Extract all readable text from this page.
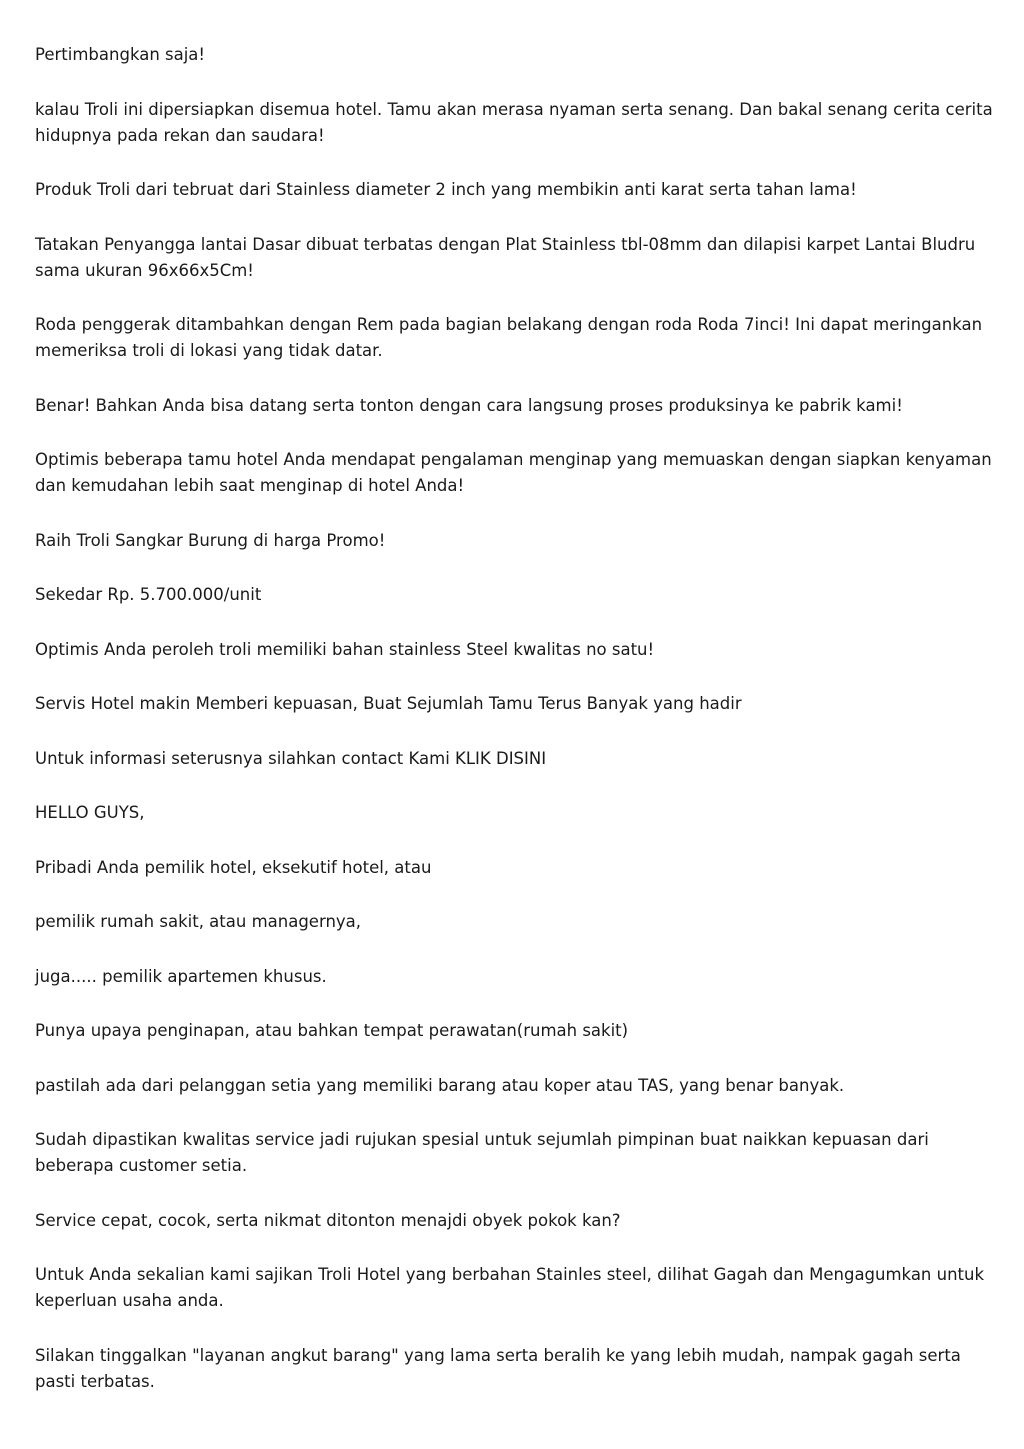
Pertimbangkan saja!

kalau Troli ini dipersiapkan disemua hotel. Tamu akan merasa nyaman serta senang. Dan bakal senang cerita cerita hidupnya pada rekan dan saudara!

Produk Troli dari tebruat dari Stainless diameter 2 inch yang membikin anti karat serta tahan lama!

Tatakan Penyangga lantai Dasar dibuat terbatas dengan Plat Stainless tbl-08mm dan dilapisi karpet Lantai Bludru sama ukuran 96x66x5Cm!

Roda penggerak ditambahkan dengan Rem pada bagian belakang dengan roda Roda 7inci! Ini dapat meringankan memeriksa troli di lokasi yang tidak datar.

Benar! Bahkan Anda bisa datang serta tonton dengan cara langsung proses produksinya ke pabrik kami!

Optimis beberapa tamu hotel Anda mendapat pengalaman menginap yang memuaskan dengan siapkan kenyaman dan kemudahan lebih saat menginap di hotel Anda!

Raih Troli Sangkar Burung di harga Promo!

Sekedar Rp. 5.700.000/unit

Optimis Anda peroleh troli memiliki bahan stainless Steel kwalitas no satu!

Servis Hotel makin Memberi kepuasan, Buat Sejumlah Tamu Terus Banyak yang hadir

Untuk informasi seterusnya silahkan contact Kami KLIK DISINI

HELLO GUYS,

Pribadi Anda pemilik hotel, eksekutif hotel, atau

pemilik rumah sakit, atau managernya,

juga..... pemilik apartemen khusus.

Punya upaya penginapan, atau bahkan tempat perawatan(rumah sakit)

pastilah ada dari pelanggan setia yang memiliki barang atau koper atau TAS, yang benar banyak.

Sudah dipastikan kwalitas service jadi rujukan spesial untuk sejumlah pimpinan buat naikkan kepuasan dari beberapa customer setia.

Service cepat, cocok, serta nikmat ditonton menajdi obyek pokok kan?

Untuk Anda sekalian kami sajikan Troli Hotel yang berbahan Stainles steel, dilihat Gagah dan Mengagumkan untuk keperluan usaha anda.

Silakan tinggalkan "layanan angkut barang" yang lama serta beralih ke yang lebih mudah, nampak gagah serta pasti terbatas.
